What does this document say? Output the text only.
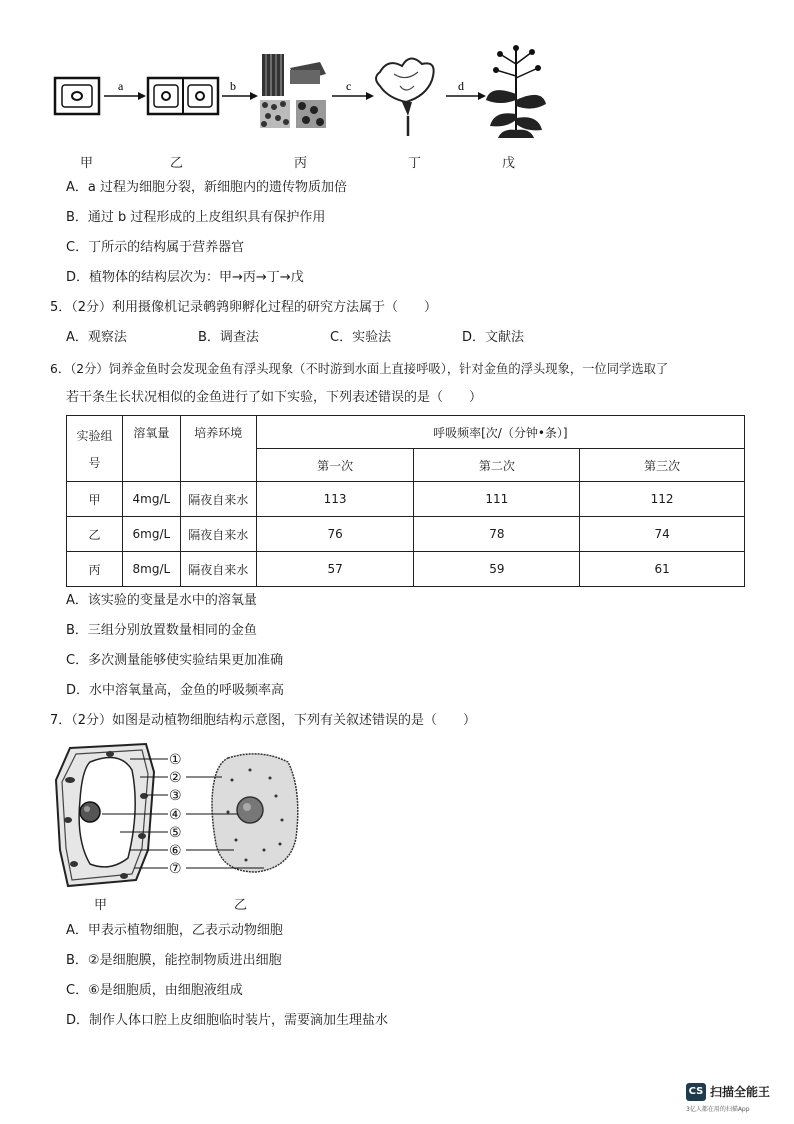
a	b	c	d
甲	乙	丙	丁	戊
A．a 过程为细胞分裂，新细胞内的遗传物质加倍
B．通过 b 过程形成的上皮组织具有保护作用
C．丁所示的结构属于营养器官
D．植物体的结构层次为：甲→丙→丁→戊
5．（2分）利用摄像机记录鹌鹑卵孵化过程的研究方法属于（　　）
A．观察法	B．调查法	C．实验法	D．文献法
6．（2分）饲养金鱼时会发现金鱼有浮头现象（不时游到水面上直接呼吸），针对金鱼的浮头现象，一位同学选取了
若干条生长状况相似的金鱼进行了如下实验，下列表述错误的是（　　）
实验组
号	溶氧量	培养环境	呼吸频率[次/（分钟•条）]		
			第一次	第二次	第三次
甲	4mg/L	隔夜自来水	113	111	112
乙	6mg/L	隔夜自来水	76	78	74
丙	8mg/L	隔夜自来水	57	59	61
A．该实验的变量是水中的溶氧量
B．三组分别放置数量相同的金鱼
C．多次测量能够使实验结果更加准确
D．水中溶氧量高，金鱼的呼吸频率高
7．（2分）如图是动植物细胞结构示意图，下列有关叙述错误的是（　　）
①
②
③
④
⑤
⑥
⑦
甲	乙
A．甲表示植物细胞，乙表示动物细胞
B．②是细胞膜，能控制物质进出细胞
C．⑥是细胞质，由细胞液组成
D．制作人体口腔上皮细胞临时装片，需要滴加生理盐水
CS 扫描全能王
3亿人都在用的扫描App
